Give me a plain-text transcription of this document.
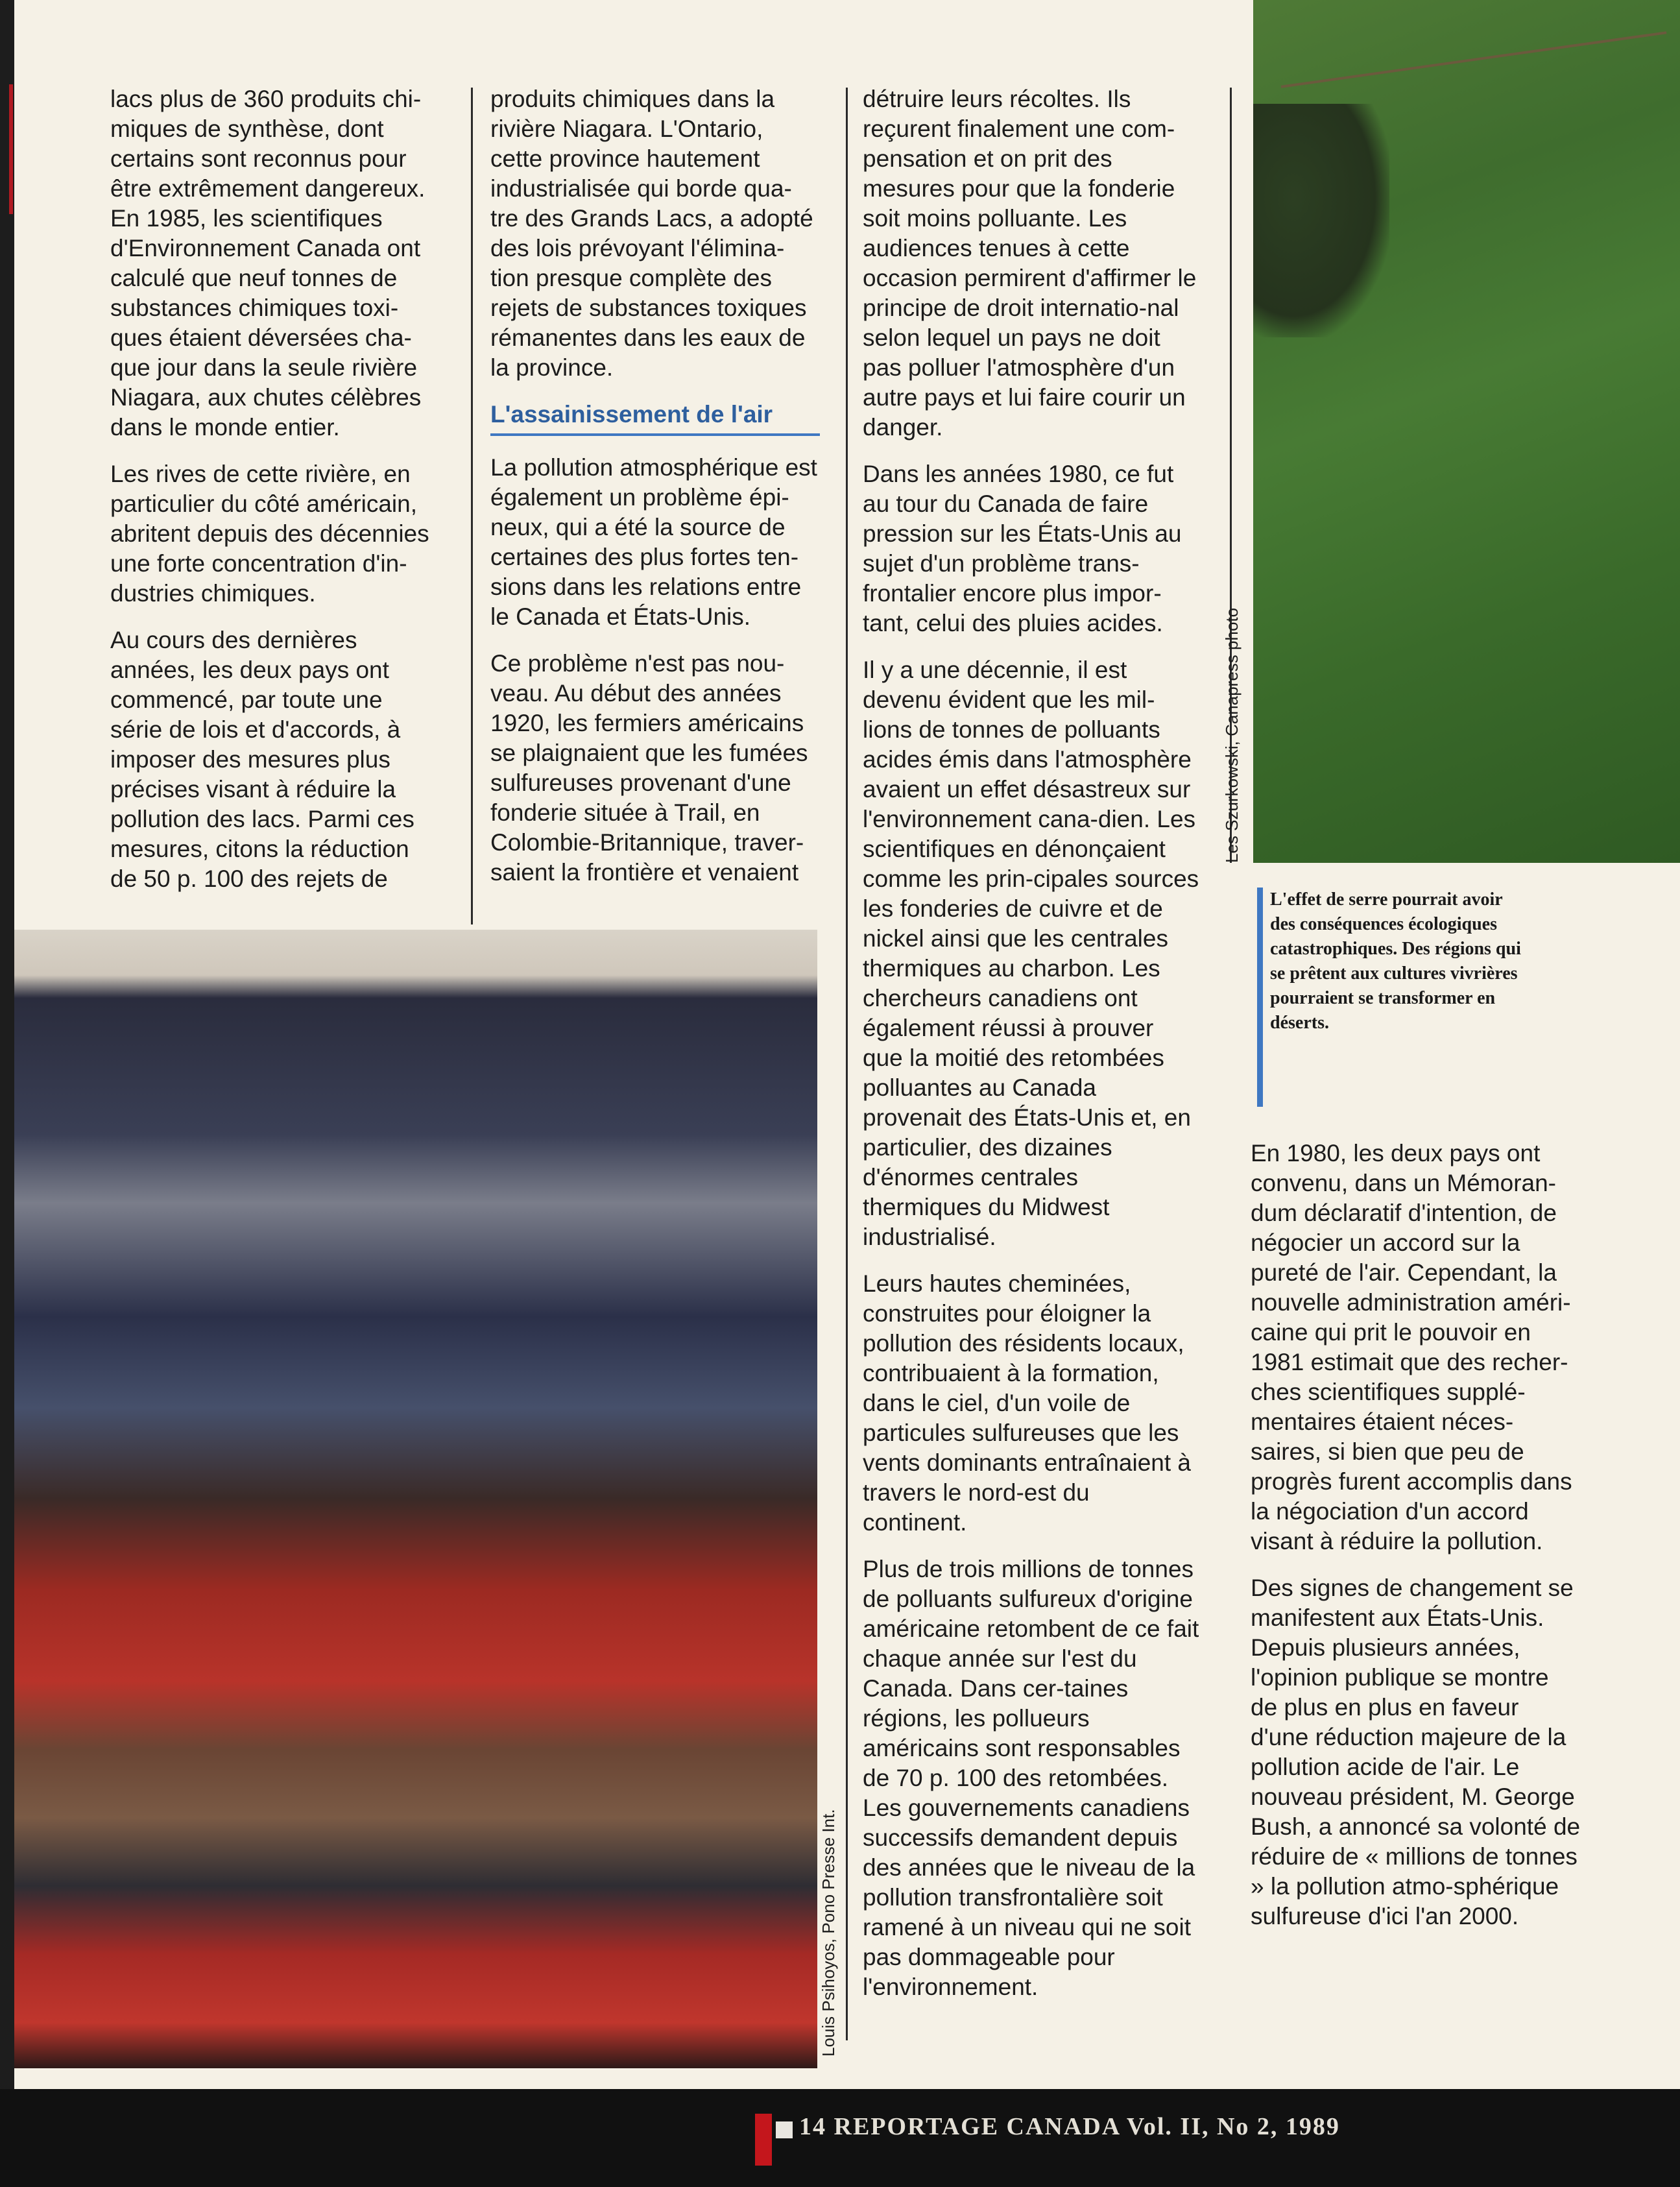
lacs plus de 360 produits chi-miques de synthèse, dont certains sont reconnus pour être extrêmement dangereux. En 1985, les scientifiques d'Environnement Canada ont calculé que neuf tonnes de substances chimiques toxi-ques étaient déversées cha-que jour dans la seule rivière Niagara, aux chutes célèbres dans le monde entier.

Les rives de cette rivière, en particulier du côté américain, abritent depuis des décennies une forte concentration d'in-dustries chimiques.

Au cours des dernières années, les deux pays ont commencé, par toute une série de lois et d'accords, à imposer des mesures plus précises visant à réduire la pollution des lacs. Parmi ces mesures, citons la réduction de 50 p. 100 des rejets de

produits chimiques dans la rivière Niagara. L'Ontario, cette province hautement industrialisée qui borde qua-tre des Grands Lacs, a adopté des lois prévoyant l'élimina-tion presque complète des rejets de substances toxiques rémanentes dans les eaux de la province.

L'assainissement de l'air

La pollution atmosphérique est également un problème épi-neux, qui a été la source de certaines des plus fortes ten-sions dans les relations entre le Canada et États-Unis.

Ce problème n'est pas nou-veau. Au début des années 1920, les fermiers américains se plaignaient que les fumées sulfureuses provenant d'une fonderie située à Trail, en Colombie-Britannique, traver-saient la frontière et venaient

détruire leurs récoltes. Ils reçurent finalement une com-pensation et on prit des mesures pour que la fonderie soit moins polluante. Les audiences tenues à cette occasion permirent d'affirmer le principe de droit internatio-nal selon lequel un pays ne doit pas polluer l'atmosphère d'un autre pays et lui faire courir un danger.

Dans les années 1980, ce fut au tour du Canada de faire pression sur les États-Unis au sujet d'un problème trans-frontalier encore plus impor-tant, celui des pluies acides.

Il y a une décennie, il est devenu évident que les mil-lions de tonnes de polluants acides émis dans l'atmosphère avaient un effet désastreux sur l'environnement cana-dien. Les scientifiques en dénonçaient comme les prin-cipales sources les fonderies de cuivre et de nickel ainsi que les centrales thermiques au charbon. Les chercheurs canadiens ont également réussi à prouver que la moitié des retombées polluantes au Canada provenait des États-Unis et, en particulier, des dizaines d'énormes centrales thermiques du Midwest industrialisé.

Leurs hautes cheminées, construites pour éloigner la pollution des résidents locaux, contribuaient à la formation, dans le ciel, d'un voile de particules sulfureuses que les vents dominants entraînaient à travers le nord-est du continent.

Plus de trois millions de tonnes de polluants sulfureux d'origine américaine retombent de ce fait chaque année sur l'est du Canada. Dans cer-taines régions, les pollueurs américains sont responsables de 70 p. 100 des retombées. Les gouvernements canadiens successifs demandent depuis des années que le niveau de la pollution transfrontalière soit ramené à un niveau qui ne soit pas dommageable pour l'environnement.

Les Szurkowski, Canapress photo
L'effet de serre pourrait avoir des conséquences écologiques catastrophiques. Des régions qui se prêtent aux cultures vivrières pourraient se transformer en déserts.

En 1980, les deux pays ont convenu, dans un Mémoran-dum déclaratif d'intention, de négocier un accord sur la pureté de l'air. Cependant, la nouvelle administration améri-caine qui prit le pouvoir en 1981 estimait que des recher-ches scientifiques supplé-mentaires étaient néces-saires, si bien que peu de progrès furent accomplis dans la négociation d'un accord visant à réduire la pollution.

Des signes de changement se manifestent aux États-Unis. Depuis plusieurs années, l'opinion publique se montre de plus en plus en faveur d'une réduction majeure de la pollution acide de l'air. Le nouveau président, M. George Bush, a annoncé sa volonté de réduire de « millions de tonnes » la pollution atmo-sphérique sulfureuse d'ici l'an 2000.

Louis Psihoyos, Pono Presse Int.
14 REPORTAGE CANADA Vol. II, No 2, 1989
